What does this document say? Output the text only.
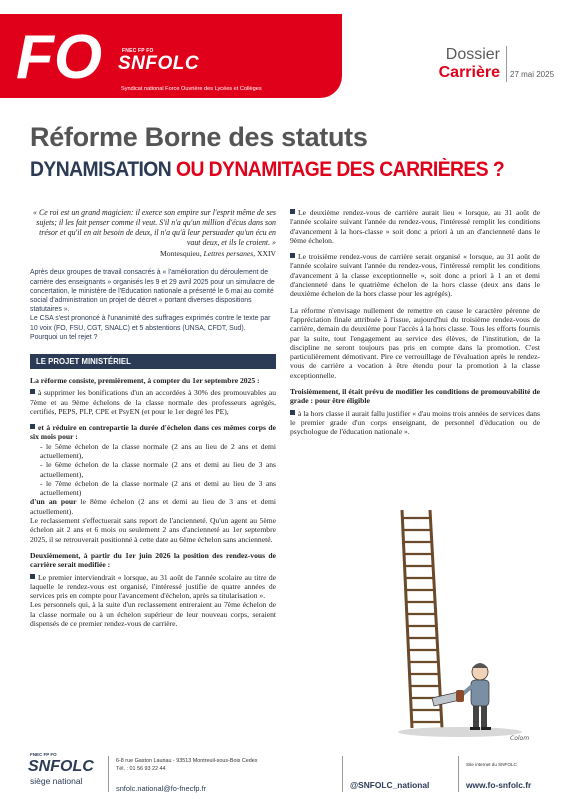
FO	FNEC FP FO
SNFOLC
Syndicat national Force Ouvrière des Lycées et Collèges
Dossier
Carrière 27 mai 2025
Réforme Borne des statuts
DYNAMISATION OU DYNAMITAGE DES CARRIÈRES ?

« Ce roi est un grand magicien: il exerce son empire sur l'esprit même de ses sujets; il les fait penser comme il veut. S'il n'a qu'un million d'écus dans son trésor et qu'il en ait besoin de deux, il n'a qu'à leur persuader qu'un écu en vaut deux, et ils le croient. »

Montesquieu, Lettres persanes, XXIV

Après deux groupes de travail consacrés à « l'amélioration du déroulement de carrière des enseignants » organisés les 9 et 29 avril 2025 pour un simulacre de concertation, le ministère de l'Education nationale a présenté le 6 mai au comité social d'administration un projet de décret « portant diverses dispositions statutaires ».

Le CSA s'est prononcé à l'unanimité des suffrages exprimés contre le texte par 10 voix (FO, FSU, CGT, SNALC) et 5 abstentions (UNSA, CFDT, Sud).

Pourquoi un tel rejet ?

LE PROJET MINISTÉRIEL

La réforme consiste, premièrement, à compter du 1er septembre 2025 :

à supprimer les bonifications d'un an accordées à 30% des promouvables au 7ème et au 9ème échelons de la classe normale des professeurs agrégés, certifiés, PEPS, PLP, CPE et PsyEN (et pour le 1er degré les PE),

et à réduire en contrepartie la durée d'échelon dans ces mêmes corps de six mois pour :

- le 5ème échelon de la classe normale (2 ans au lieu de 2 ans et demi actuellement),

- le 6ème échelon de la classe normale (2 ans et demi au lieu de 3 ans actuellement),

- le 7ème échelon de la classe normale (2 ans et demi au lieu de 3 ans actuellement)

d'un an pour le 8ème échelon (2 ans et demi au lieu de 3 ans et demi actuellement).

Le reclassement s'effectuerait sans report de l'ancienneté. Qu'un agent au 5ème échelon ait 2 ans et 6 mois ou seulement 2 ans d'ancienneté au 1er septembre 2025, il se retrouverait positionné à cette date au 6ème échelon sans ancienneté.

Deuxièmement, à partir du 1er juin 2026 la position des rendez-vous de carrière serait modifiée :

Le premier interviendrait « lorsque, au 31 août de l'année scolaire au titre de laquelle le rendez-vous est organisé, l'intéressé justifie de quatre années de services pris en compte pour l'avancement d'échelon, après sa titularisation ».

Les personnels qui, à la suite d'un reclassement entreraient au 7ème échelon de la classe normale ou à un échelon supérieur de leur nouveau corps, seraient dispensés de ce premier rendez-vous de carrière.

Le deuxième rendez-vous de carrière aurait lieu « lorsque, au 31 août de l'année scolaire suivant l'année du rendez-vous, l'intéressé remplit les conditions d'avancement à la hors-classe » soit donc a priori à un an d'ancienneté dans le 9ème échelon.

Le troisième rendez-vous de carrière serait organisé « lorsque, au 31 août de l'année scolaire suivant l'année du rendez-vous, l'intéressé remplit les conditions d'avancement à la classe exceptionnelle », soit donc a priori à 1 an et demi d'ancienneté dans le quatrième échelon de la hors classe (deux ans dans le deuxième échelon de la hors classe pour les agrégés).

La réforme n'envisage nullement de remettre en cause le caractère pérenne de l'appréciation finale attribuée à l'issue, aujourd'hui du troisième rendez-vous de carrière, demain du deuxième pour l'accès à la hors classe. Tous les efforts fournis par la suite, tout l'engagement au service des élèves, de l'institution, de la discipline ne seront toujours pas pris en compte dans la promotion. C'est particulièrement démotivant. Pire ce verrouillage de l'évaluation après le rendez-vous de carrière a vocation à être étendu pour la promotion à la classe exceptionnelle.

Troisièmement, il était prévu de modifier les conditions de promouvabilité de grade : pour être éligible

à la hors classe il aurait fallu justifier « d'au moins trois années de services dans le premier grade d'un corps enseignant, de personnel d'éducation ou de psychologue de l'éducation nationale ».

Colom
FNEC FP FO
SNFOLC
siège national
6-8 rue Gaston Lauriau - 93513 Montreuil-sous-Bois Cedex
Tél. : 01 56 93 22 44
snfolc.national@fo-fnecfp.fr	@SNFOLC_national
Site internet du SNFOLC
www.fo-snfolc.fr
